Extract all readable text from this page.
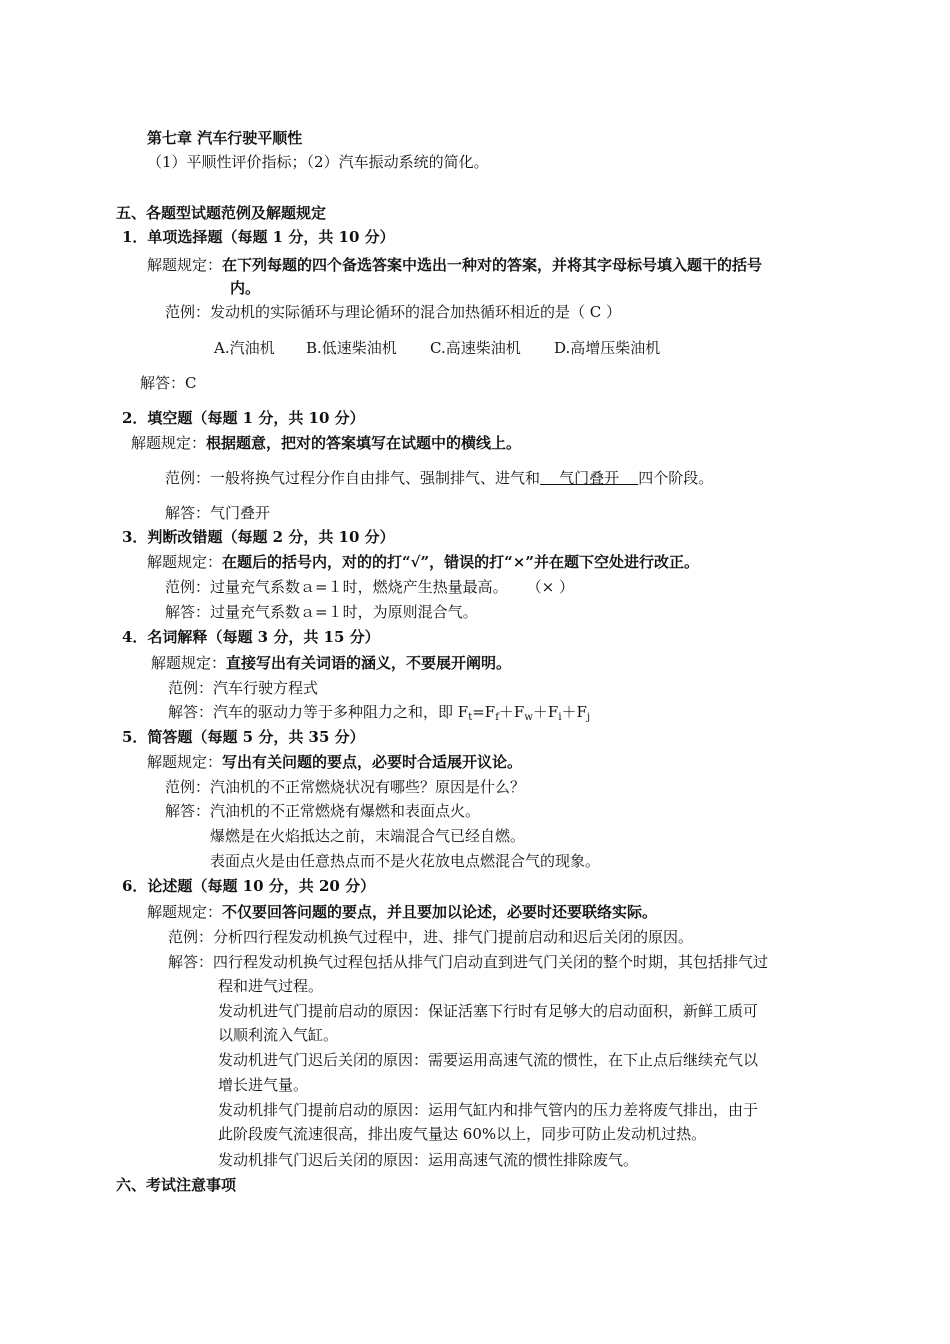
第七章 汽车行驶平顺性
（1）平顺性评价指标；（2）汽车振动系统的简化。
五、各题型试题范例及解题规定
1．单项选择题（每题 1 分，共 10 分）
解题规定：在下列每题的四个备选答案中选出一种对的答案，并将其字母标号填入题干的括号
内。
范例：发动机的实际循环与理论循环的混合加热循环相近的是（ C ）
A.汽油机 B.低速柴油机 C.高速柴油机 D.高增压柴油机
解答：C
2．填空题（每题 1 分，共 10 分）
解题规定：根据题意，把对的答案填写在试题中的横线上。
范例：一般将换气过程分作自由排气、强制排气、进气和    气门叠开    四个阶段。
解答：气门叠开
3．判断改错题（每题 2 分，共 10 分）
解题规定：在题后的括号内，对的的打“√”，错误的打“×”并在题下空处进行改正。
范例：过量充气系数ａ=１时，燃烧产生热量最高。    （× ）
解答：过量充气系数ａ=１时，为原则混合气。
4．名词解释（每题 3 分，共 15 分）
解题规定：直接写出有关词语的涵义，不要展开阐明。
范例：汽车行驶方程式
解答：汽车的驱动力等于多种阻力之和，即 $F_t=F_f+F_w+F_i+F_j$
5．简答题（每题 5 分，共 35 分）
解题规定：写出有关问题的要点，必要时合适展开议论。
范例：汽油机的不正常燃烧状况有哪些？原因是什么？
解答：汽油机的不正常燃烧有爆燃和表面点火。
爆燃是在火焰抵达之前，末端混合气已经自燃。
表面点火是由任意热点而不是火花放电点燃混合气的现象。
6．论述题（每题 10 分，共 20 分）
解题规定：不仅要回答问题的要点，并且要加以论述，必要时还要联络实际。
范例：分析四行程发动机换气过程中，进、排气门提前启动和迟后关闭的原因。
解答：四行程发动机换气过程包括从排气门启动直到进气门关闭的整个时期，其包括排气过
程和进气过程。
发动机进气门提前启动的原因：保证活塞下行时有足够大的启动面积，新鲜工质可
以顺利流入气缸。
发动机进气门迟后关闭的原因：需要运用高速气流的惯性，在下止点后继续充气以
增长进气量。
发动机排气门提前启动的原因：运用气缸内和排气管内的压力差将废气排出，由于
此阶段废气流速很高，排出废气量达 60%以上，同步可防止发动机过热。
发动机排气门迟后关闭的原因：运用高速气流的惯性排除废气。
六、考试注意事项
